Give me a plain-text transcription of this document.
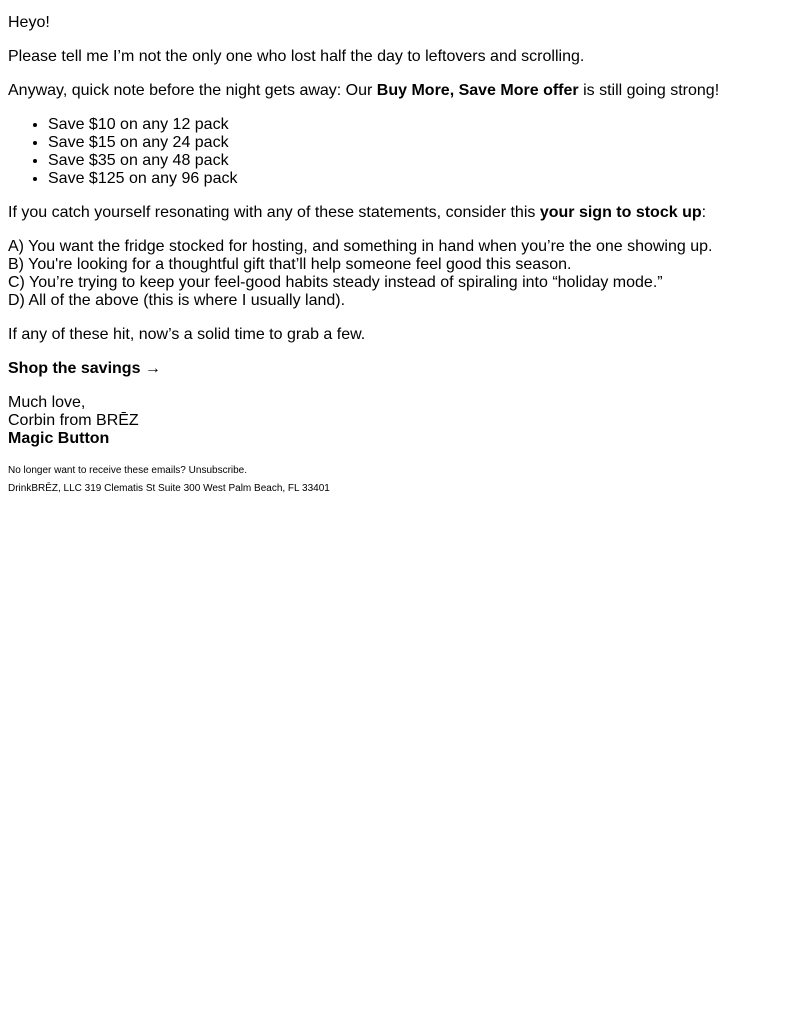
Heyo!

Please tell me I’m not the only one who lost half the day to leftovers and scrolling.

Anyway, quick note before the night gets away: Our Buy More, Save More offer is still going strong!

• Save $10 on any 12 pack
• Save $15 on any 24 pack
• Save $35 on any 48 pack
• Save $125 on any 96 pack

If you catch yourself resonating with any of these statements, consider this your sign to stock up:

A) You want the fridge stocked for hosting, and something in hand when you’re the one showing up.
B) You're looking for a thoughtful gift that’ll help someone feel good this season.
C) You’re trying to keep your feel-good habits steady instead of spiraling into “holiday mode.”
D) All of the above (this is where I usually land).

If any of these hit, now’s a solid time to grab a few.

Shop the savings →

Much love,
Corbin from BRĒZ
Magic Button

No longer want to receive these emails? Unsubscribe.

DrinkBRĒZ, LLC 319 Clematis St Suite 300 West Palm Beach, FL 33401
